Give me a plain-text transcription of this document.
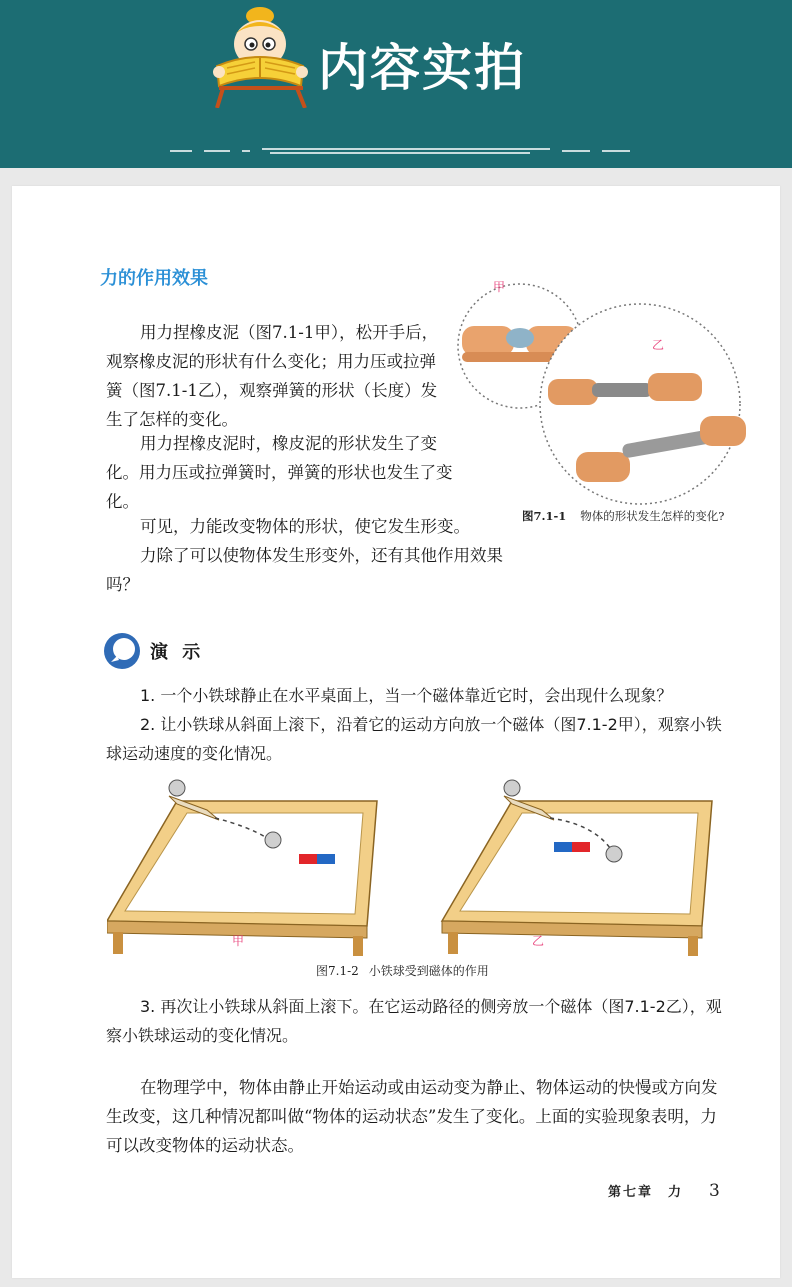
内容实拍
力的作用效果

用力捏橡皮泥（图7.1-1甲），松开手后，观察橡皮泥的形状有什么变化；用力压或拉弹簧（图7.1-1乙），观察弹簧的形状（长度）发生了怎样的变化。

用力捏橡皮泥时，橡皮泥的形状发生了变化。用力压或拉弹簧时，弹簧的形状也发生了变化。

可见，力能改变物体的形状，使它发生形变。

力除了可以使物体发生形变外，还有其他作用效果吗？

甲
乙
图7.1-1 物体的形状发生怎样的变化?
演 示
1. 一个小铁球静止在水平桌面上，当一个磁体靠近它时，会出现什么现象？
2. 让小铁球从斜面上滚下，沿着它的运动方向放一个磁体（图7.1-2甲），观察小铁球运动速度的变化情况。
甲	乙
图7.1-2 小铁球受到磁体的作用

3. 再次让小铁球从斜面上滚下。在它运动路径的侧旁放一个磁体（图7.1-2乙），观察小铁球运动的变化情况。

在物理学中，物体由静止开始运动或由运动变为静止、物体运动的快慢或方向发生改变，这几种情况都叫做“物体的运动状态”发生了变化。上面的实验现象表明，力可以改变物体的运动状态。

第七章　力 3
